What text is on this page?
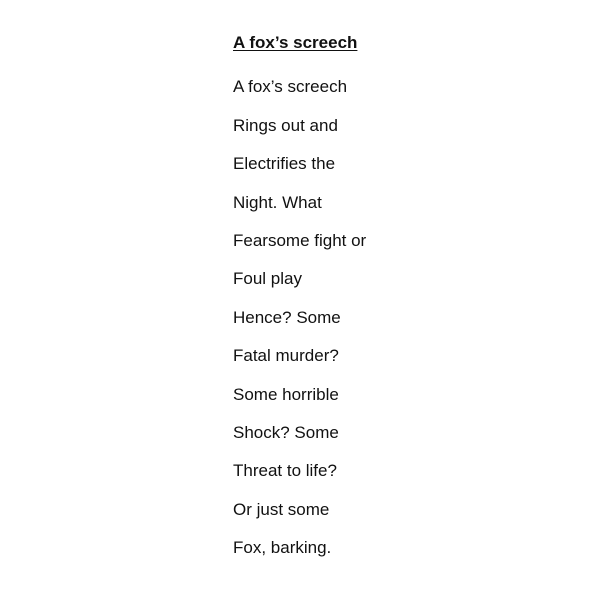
A fox’s screech
A fox’s screech
Rings out and
Electrifies the
Night. What
Fearsome fight or
Foul play
Hence? Some
Fatal murder?
Some horrible
Shock? Some
Threat to life?
Or just some
Fox, barking.
